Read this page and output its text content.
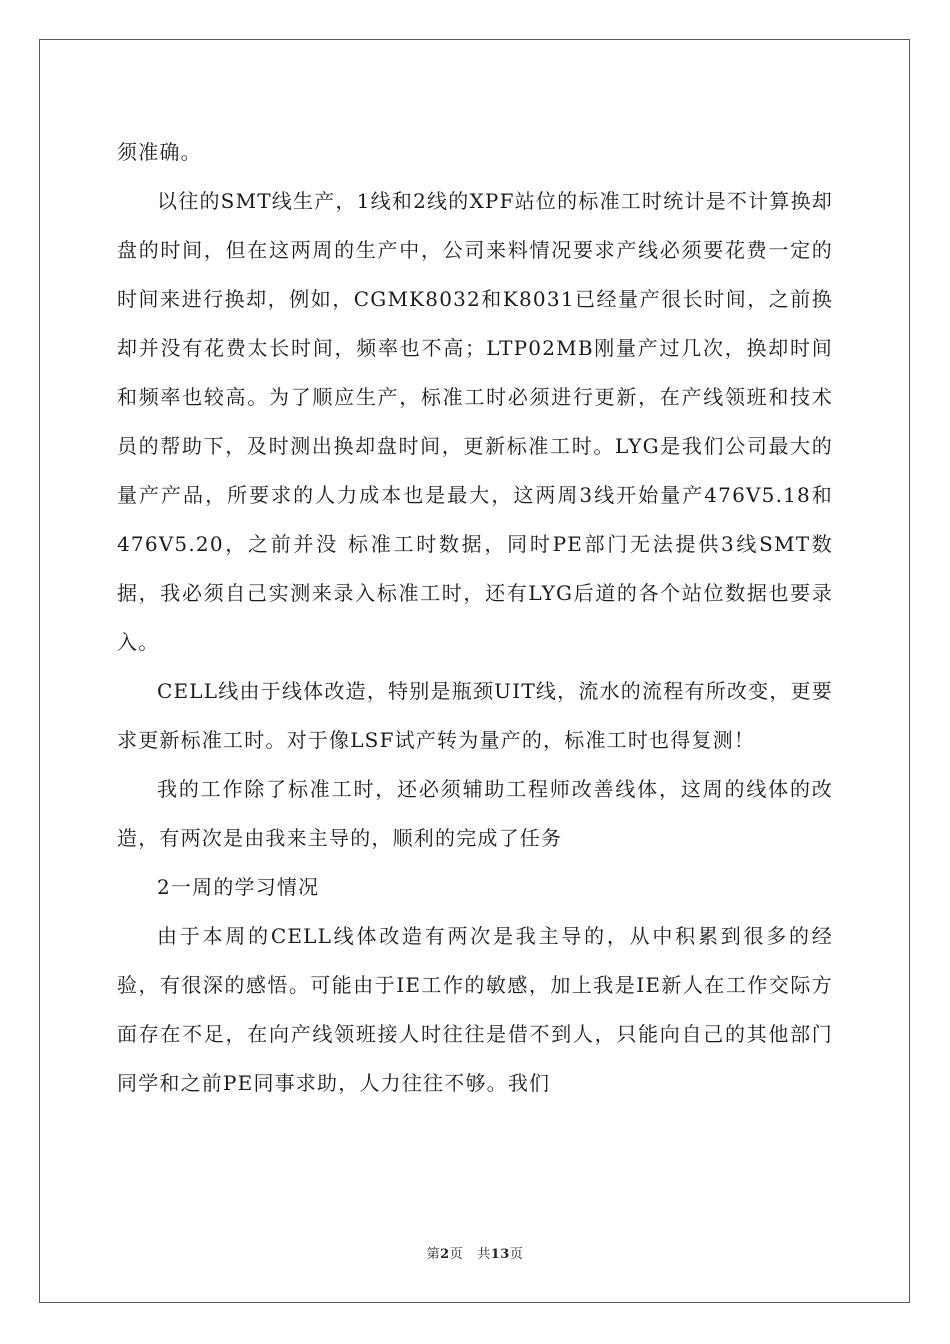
须准确。

以往的SMT线生产，1线和2线的XPF站位的标准工时统计是不计算换却盘的时间，但在这两周的生产中，公司来料情况要求产线必须要花费一定的时间来进行换却，例如，CGMK8032和K8031已经量产很长时间，之前换却并没有花费太长时间，频率也不高；LTP02MB刚量产过几次，换却时间和频率也较高。为了顺应生产，标准工时必须进行更新，在产线领班和技术员的帮助下，及时测出换却盘时间，更新标准工时。LYG是我们公司最大的量产产品，所要求的人力成本也是最大，这两周3线开始量产476V5.18和476V5.20，之前并没 标准工时数据，同时PE部门无法提供3线SMT数据，我必须自己实测来录入标准工时，还有LYG后道的各个站位数据也要录入。

CELL线由于线体改造，特别是瓶颈UIT线，流水的流程有所改变，更要求更新标准工时。对于像LSF试产转为量产的，标准工时也得复测！

我的工作除了标准工时，还必须辅助工程师改善线体，这周的线体的改造，有两次是由我来主导的，顺利的完成了任务

2一周的学习情况

由于本周的CELL线体改造有两次是我主导的，从中积累到很多的经验，有很深的感悟。可能由于IE工作的敏感，加上我是IE新人在工作交际方面存在不足，在向产线领班接人时往往是借不到人，只能向自己的其他部门同学和之前PE同事求助，人力往往不够。我们

第2页 共13页
